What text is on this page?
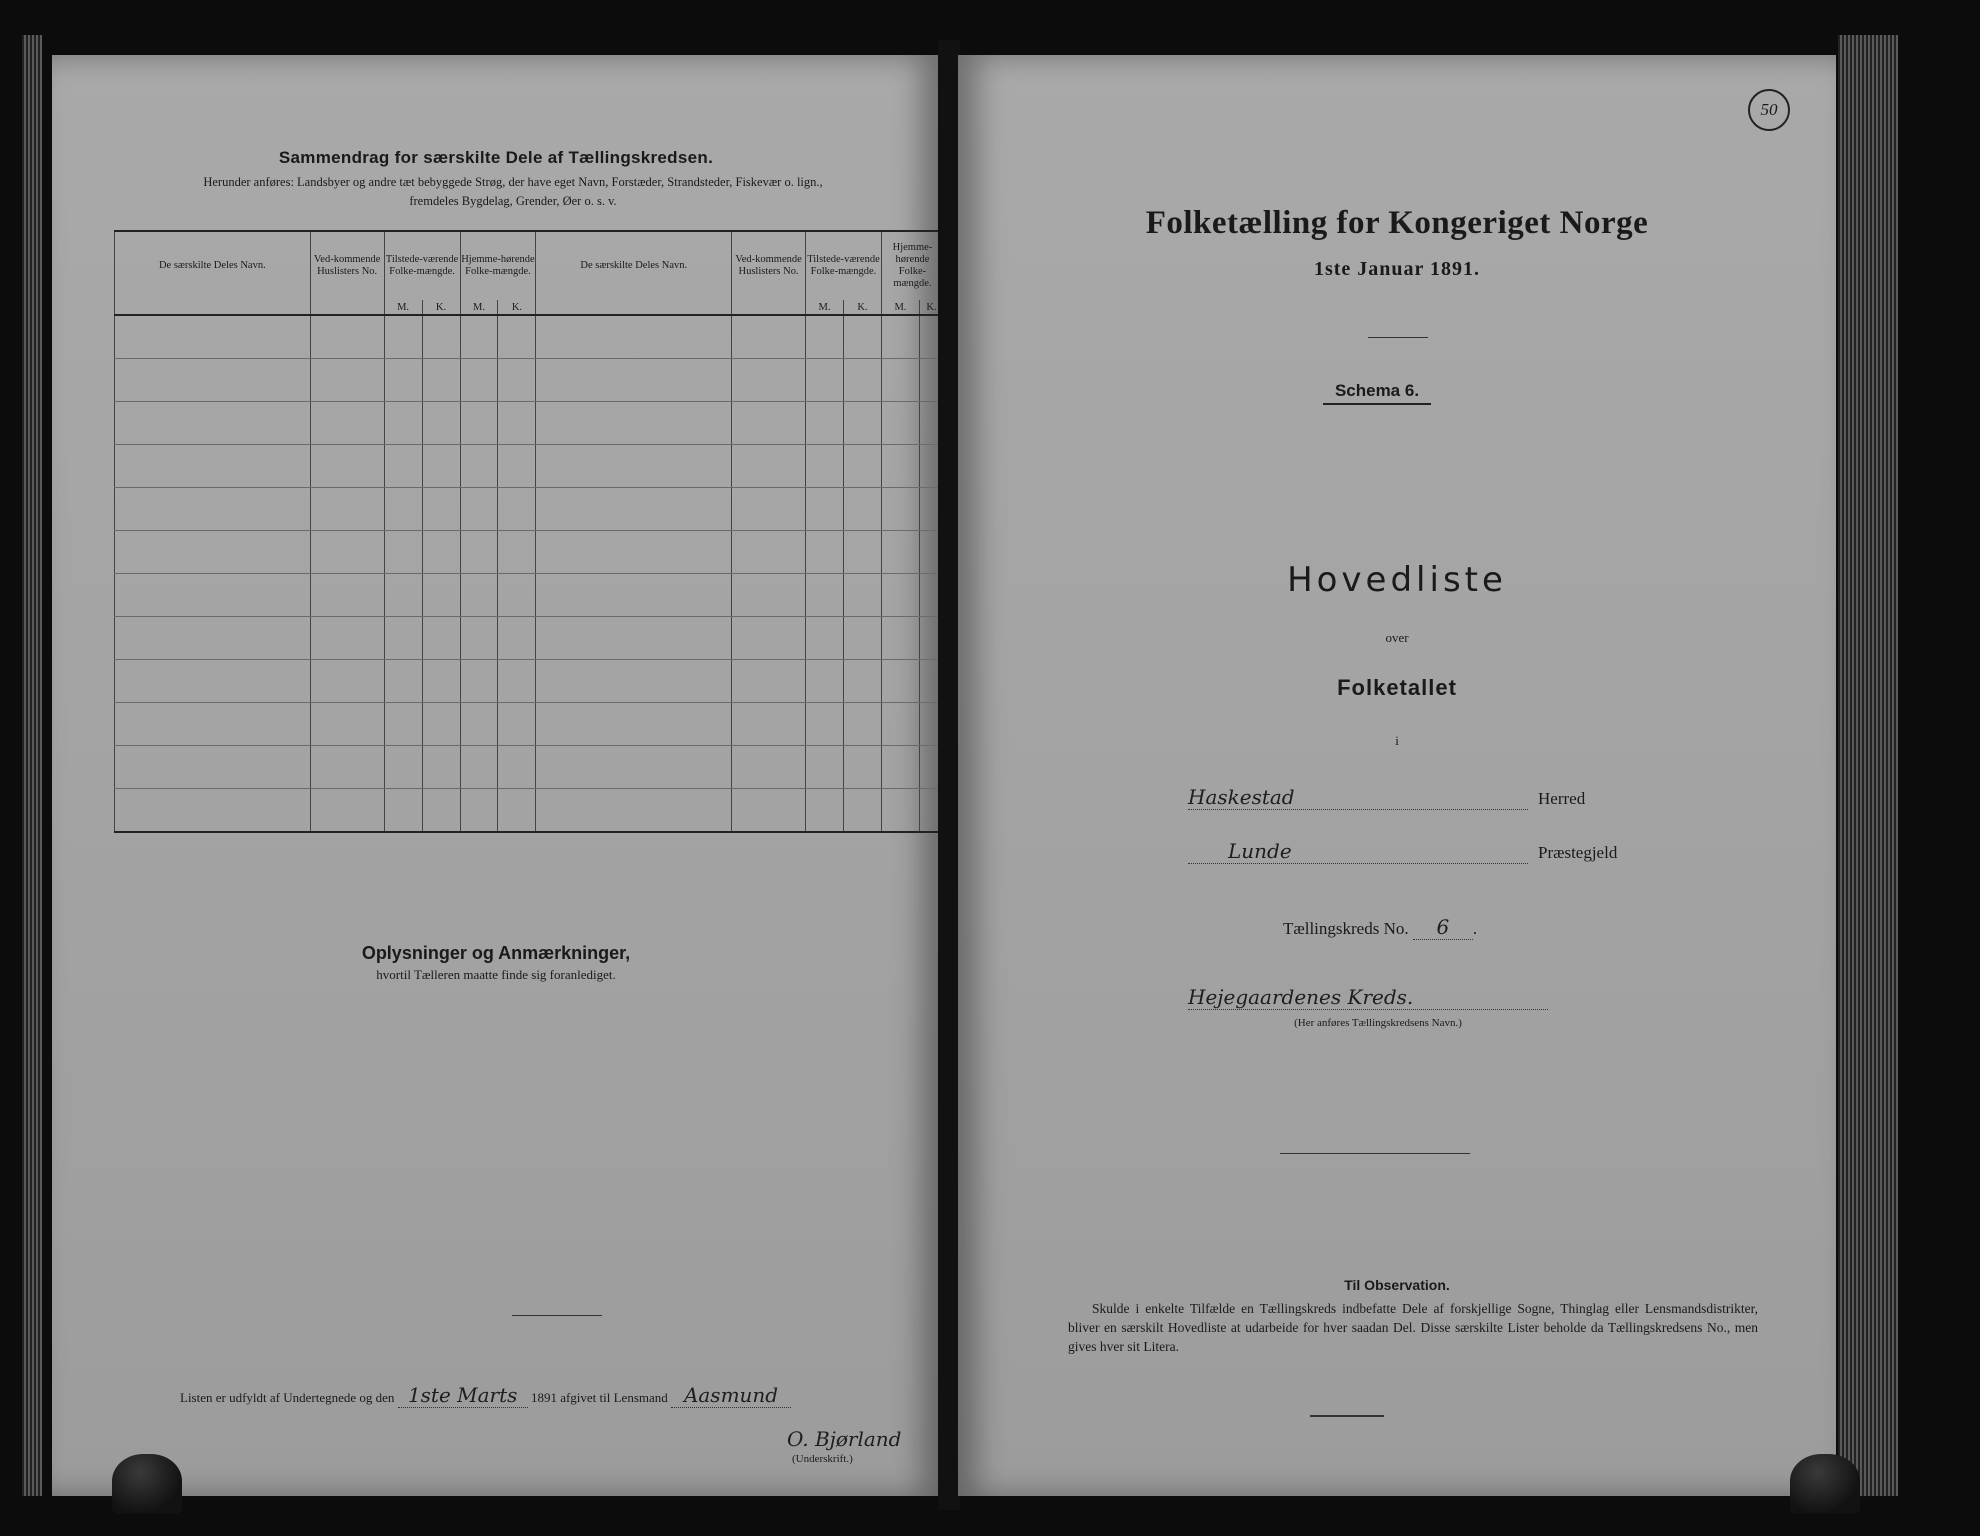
Sammendrag for særskilte Dele af Tællingskredsen.
Herunder anføres: Landsbyer og andre tæt bebyggede Strøg, der have eget Navn, Forstæder, Strandsteder, Fiskevær o. lign.,
fremdeles Bygdelag, Grender, Øer o. s. v.
De særskilte Deles Navn.	Ved-kommende Huslisters No.	Tilstede-værende Folke-mængde.		Hjemme-hørende Folke-mængde.		De særskilte Deles Navn.	Ved-kommende Huslisters No.	Tilstede-værende Folke-mængde.		Hjemme-hørende Folke-mængde.	
		M.	K.	M.	K.			M.	K.	M.	K.

Oplysninger og Anmærkninger,
hvortil Tælleren maatte finde sig foranlediget.
Listen er udfyldt af Undertegnede og den 1ste Marts 1891 afgivet til Lensmand Aasmund
O. Bjørland
(Underskrift.)
50
Folketælling for Kongeriget Norge
1ste Januar 1891.
Schema 6.
Hovedliste
over
Folketallet
i
Haskestad	Herred
Lunde	Præstegjeld
Tællingskreds No. 6 .
Hejegaardenes Kreds.
(Her anføres Tællingskredsens Navn.)
Til Observation.
Skulde i enkelte Tilfælde en Tællingskreds indbefatte Dele af forskjellige Sogne, Thinglag eller Lensmandsdistrikter, bliver en særskilt Hovedliste at udarbeide for hver saadan Del. Disse særskilte Lister beholde da Tællingskredsens No., men gives hver sit Litera.
